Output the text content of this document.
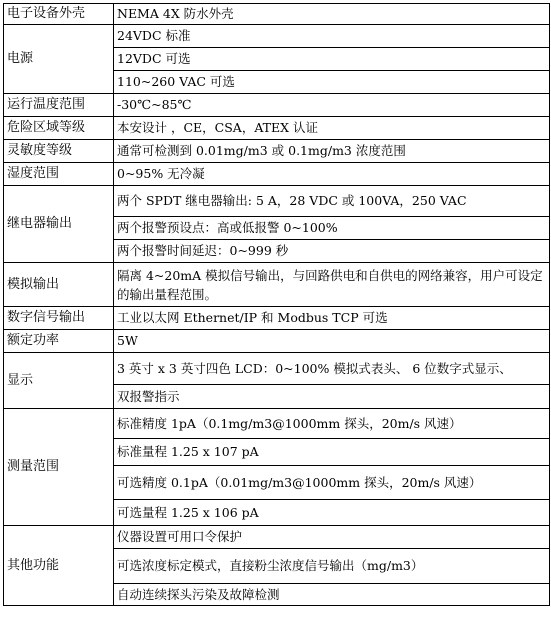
电子设备外壳	NEMA 4X 防水外壳
电源	24VDC 标准
	12VDC 可选
	110~260 VAC 可选
运行温度范围	-30℃~85℃
危险区域等级	本安设计 ，CE，CSA，ATEX 认证
灵敏度等级	通常可检测到 0.01mg/m3 或 0.1mg/m3 浓度范围
湿度范围	0~95% 无冷凝
继电器输出	两个 SPDT 继电器输出: 5 A，28 VDC 或 100VA，250 VAC
	两个报警预设点：高或低报警 0~100%
	两个报警时间延迟：0~999 秒
模拟输出	隔离 4~20mA 模拟信号输出，与回路供电和自供电的网络兼容，用户可设定的输出量程范围。
数字信号输出	工业以太网 Ethernet/IP 和 Modbus TCP 可选
额定功率	5W
显示	3 英寸 x 3 英寸四色 LCD：0~100% 模拟式表头、 6 位数字式显示、
	双报警指示
测量范围	标准精度 1pA（0.1mg/m3@1000mm 探头，20m/s 风速）
	标准量程 1.25 x 107 pA
	可选精度 0.1pA（0.01mg/m3@1000mm 探头，20m/s 风速）
	可选量程 1.25 x 106 pA
其他功能	仪器设置可用口令保护
	可选浓度标定模式，直接粉尘浓度信号输出（mg/m3）
	自动连续探头污染及故障检测
